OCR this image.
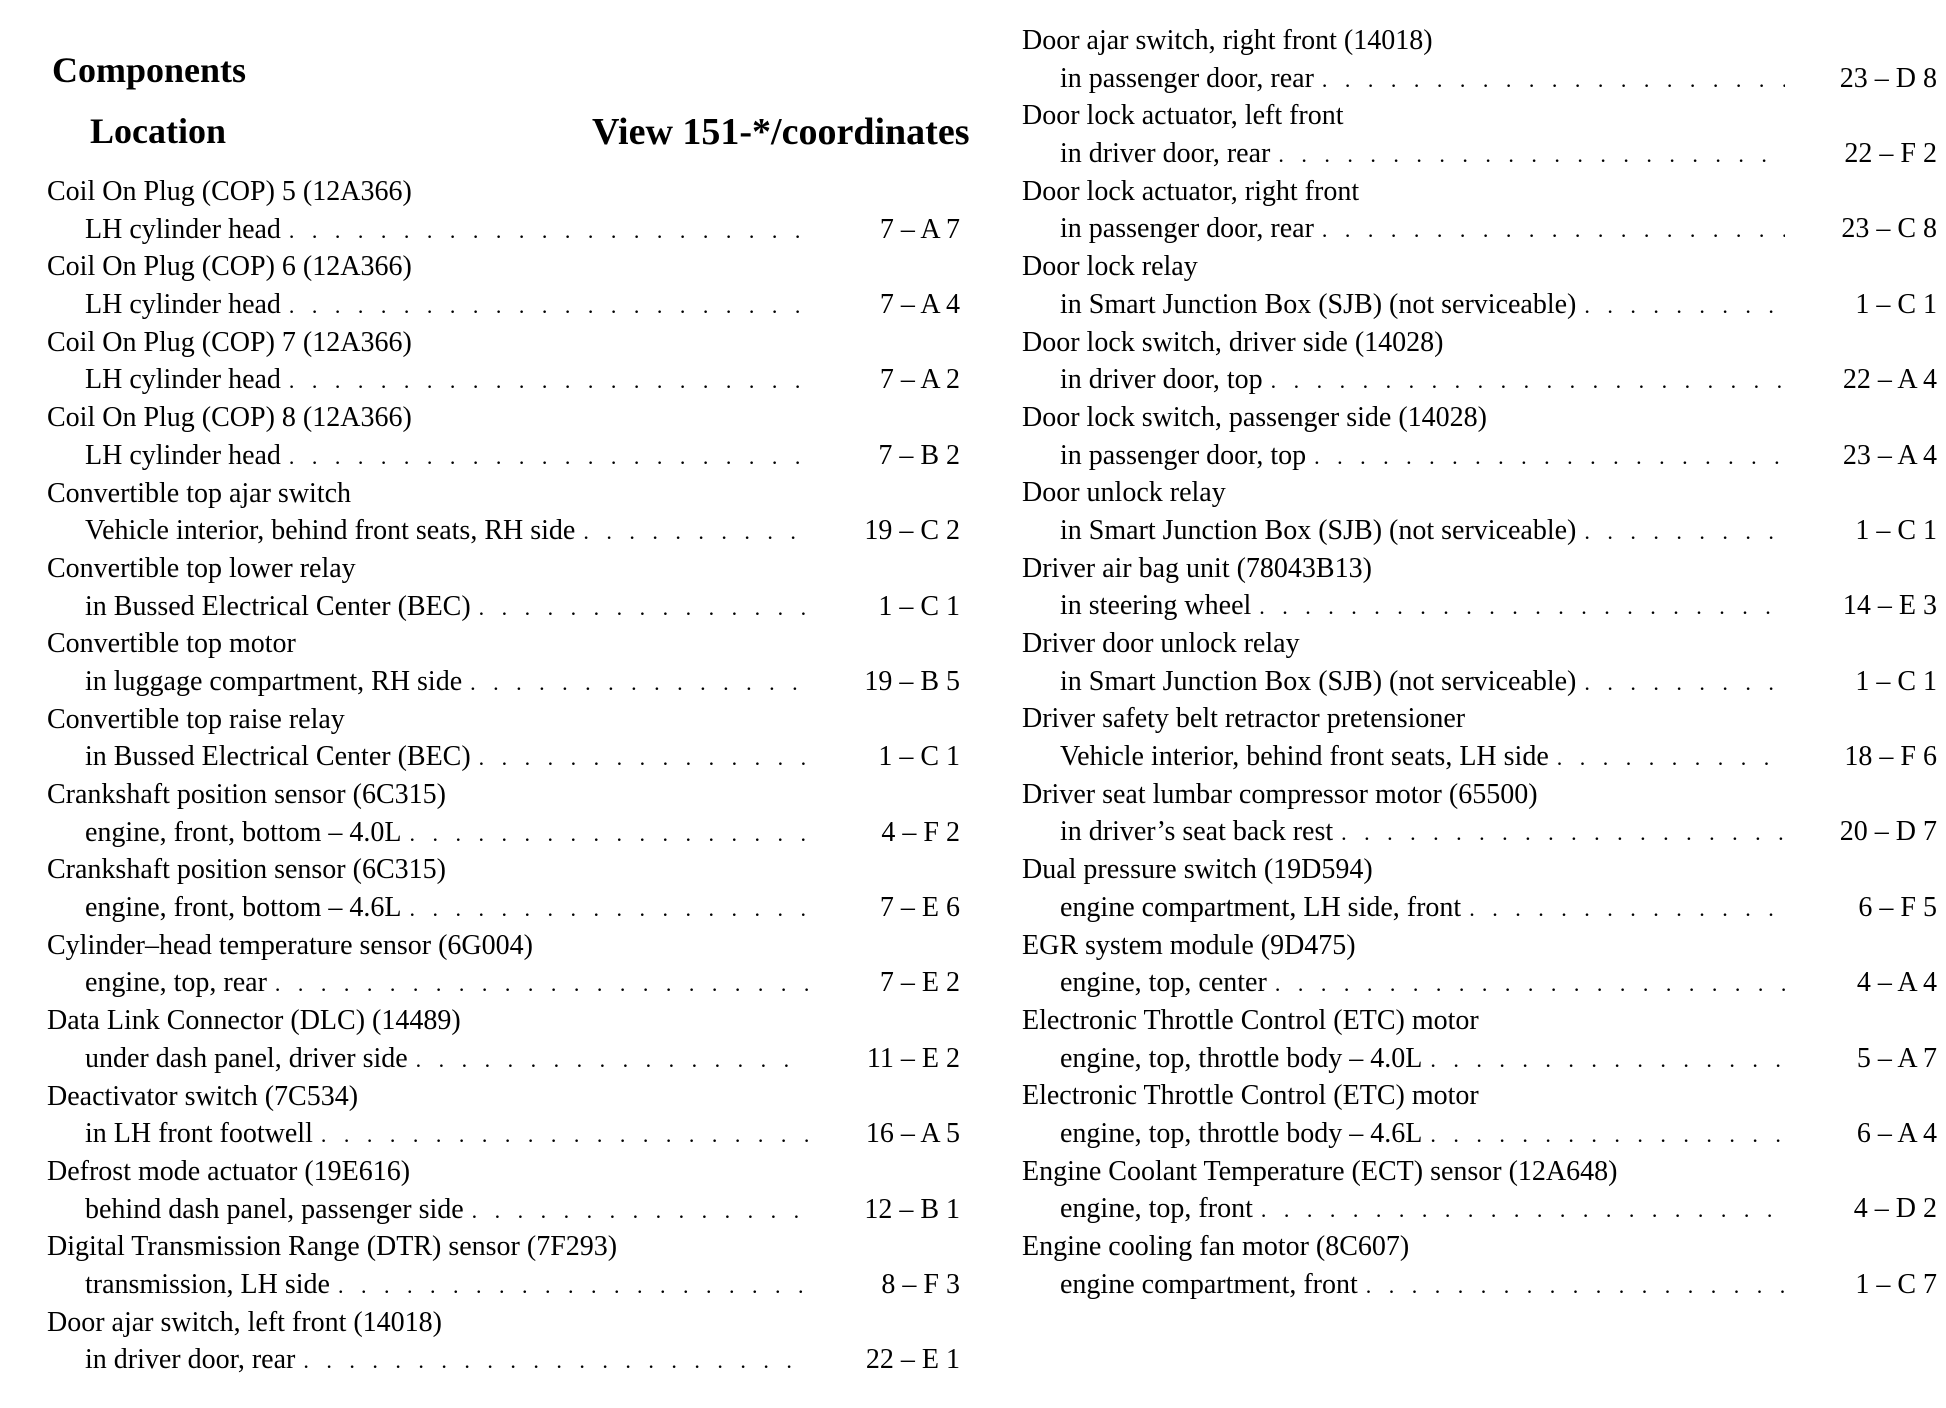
Components
Location	View 151-*/coordinates
Coil On Plug (COP) 5 (12A366)
LH cylinder head . . .	7 – A 7
Coil On Plug (COP) 6 (12A366)
LH cylinder head . . .	7 – A 4
Coil On Plug (COP) 7 (12A366)
LH cylinder head . . .	7 – A 2
Coil On Plug (COP) 8 (12A366)
LH cylinder head . . .	7 – B 2
Convertible top ajar switch
Vehicle interior, behind front seats, RH side . . .	19 – C 2
Convertible top lower relay
in Bussed Electrical Center (BEC) . . .	1 – C 1
Convertible top motor
in luggage compartment, RH side . . .	19 – B 5
Convertible top raise relay
in Bussed Electrical Center (BEC) . . .	1 – C 1
Crankshaft position sensor (6C315)
engine, front, bottom – 4.0L . . .	4 – F 2
Crankshaft position sensor (6C315)
engine, front, bottom – 4.6L . . .	7 – E 6
Cylinder–head temperature sensor (6G004)
engine, top, rear . . .	7 – E 2
Data Link Connector (DLC) (14489)
under dash panel, driver side . . .	11 – E 2
Deactivator switch (7C534)
in LH front footwell . . .	16 – A 5
Defrost mode actuator (19E616)
behind dash panel, passenger side . . .	12 – B 1
Digital Transmission Range (DTR) sensor (7F293)
transmission, LH side . . .	8 – F 3
Door ajar switch, left front (14018)
in driver door, rear . . .	22 – E 1
Door ajar switch, right front (14018)
in passenger door, rear . . .	23 – D 8
Door lock actuator, left front
in driver door, rear . . .	22 – F 2
Door lock actuator, right front
in passenger door, rear . . .	23 – C 8
Door lock relay
in Smart Junction Box (SJB) (not serviceable) . . .	1 – C 1
Door lock switch, driver side (14028)
in driver door, top . . .	22 – A 4
Door lock switch, passenger side (14028)
in passenger door, top . . .	23 – A 4
Door unlock relay
in Smart Junction Box (SJB) (not serviceable) . . .	1 – C 1
Driver air bag unit (78043B13)
in steering wheel . . .	14 – E 3
Driver door unlock relay
in Smart Junction Box (SJB) (not serviceable) . . .	1 – C 1
Driver safety belt retractor pretensioner
Vehicle interior, behind front seats, LH side . . .	18 – F 6
Driver seat lumbar compressor motor (65500)
in driver’s seat back rest . . .	20 – D 7
Dual pressure switch (19D594)
engine compartment, LH side, front . . .	6 – F 5
EGR system module (9D475)
engine, top, center . . .	4 – A 4
Electronic Throttle Control (ETC) motor
engine, top, throttle body – 4.0L . . .	5 – A 7
Electronic Throttle Control (ETC) motor
engine, top, throttle body – 4.6L . . .	6 – A 4
Engine Coolant Temperature (ECT) sensor (12A648)
engine, top, front . . .	4 – D 2
Engine cooling fan motor (8C607)
engine compartment, front . . .	1 – C 7
